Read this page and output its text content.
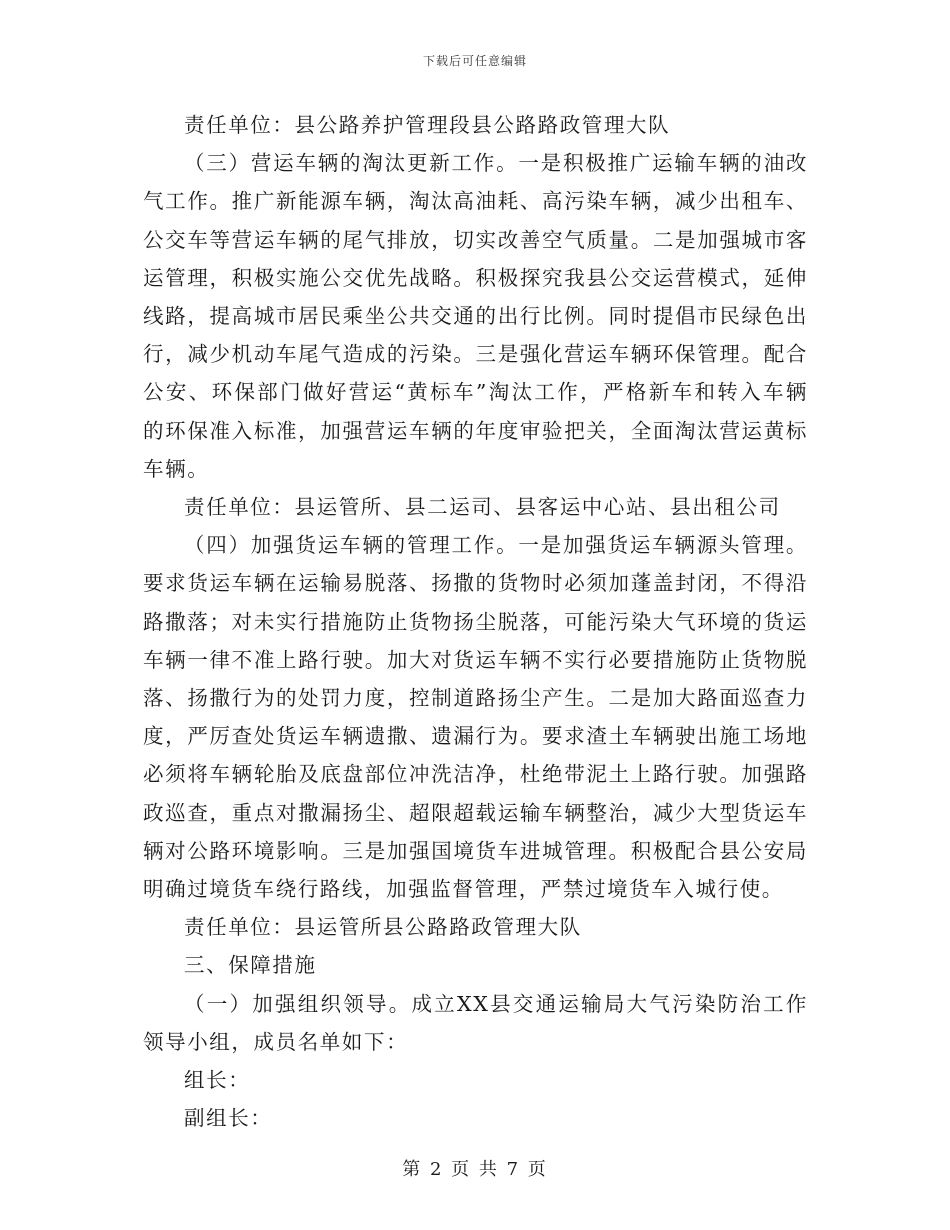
下载后可任意编辑

责任单位：县公路养护管理段县公路路政管理大队

（三）营运车辆的淘汰更新工作。一是积极推广运输车辆的油改气工作。推广新能源车辆，淘汰高油耗、高污染车辆，减少出租车、公交车等营运车辆的尾气排放，切实改善空气质量。二是加强城市客运管理，积极实施公交优先战略。积极探究我县公交运营模式，延伸线路，提高城市居民乘坐公共交通的出行比例。同时提倡市民绿色出行，减少机动车尾气造成的污染。三是强化营运车辆环保管理。配合公安、环保部门做好营运“黄标车”淘汰工作，严格新车和转入车辆的环保准入标准，加强营运车辆的年度审验把关，全面淘汰营运黄标车辆。

责任单位：县运管所、县二运司、县客运中心站、县出租公司

（四）加强货运车辆的管理工作。一是加强货运车辆源头管理。要求货运车辆在运输易脱落、扬撒的货物时必须加蓬盖封闭，不得沿路撒落；对未实行措施防止货物扬尘脱落，可能污染大气环境的货运车辆一律不准上路行驶。加大对货运车辆不实行必要措施防止货物脱落、扬撒行为的处罚力度，控制道路扬尘产生。二是加大路面巡查力度，严厉查处货运车辆遗撒、遗漏行为。要求渣土车辆驶出施工场地必须将车辆轮胎及底盘部位冲洗洁净，杜绝带泥土上路行驶。加强路政巡查，重点对撒漏扬尘、超限超载运输车辆整治，减少大型货运车辆对公路环境影响。三是加强国境货车进城管理。积极配合县公安局明确过境货车绕行路线，加强监督管理，严禁过境货车入城行使。

责任单位：县运管所县公路路政管理大队

三、保障措施

（一）加强组织领导。成立XX县交通运输局大气污染防治工作领导小组，成员名单如下：

组长：

副组长：

第 2 页 共 7 页
